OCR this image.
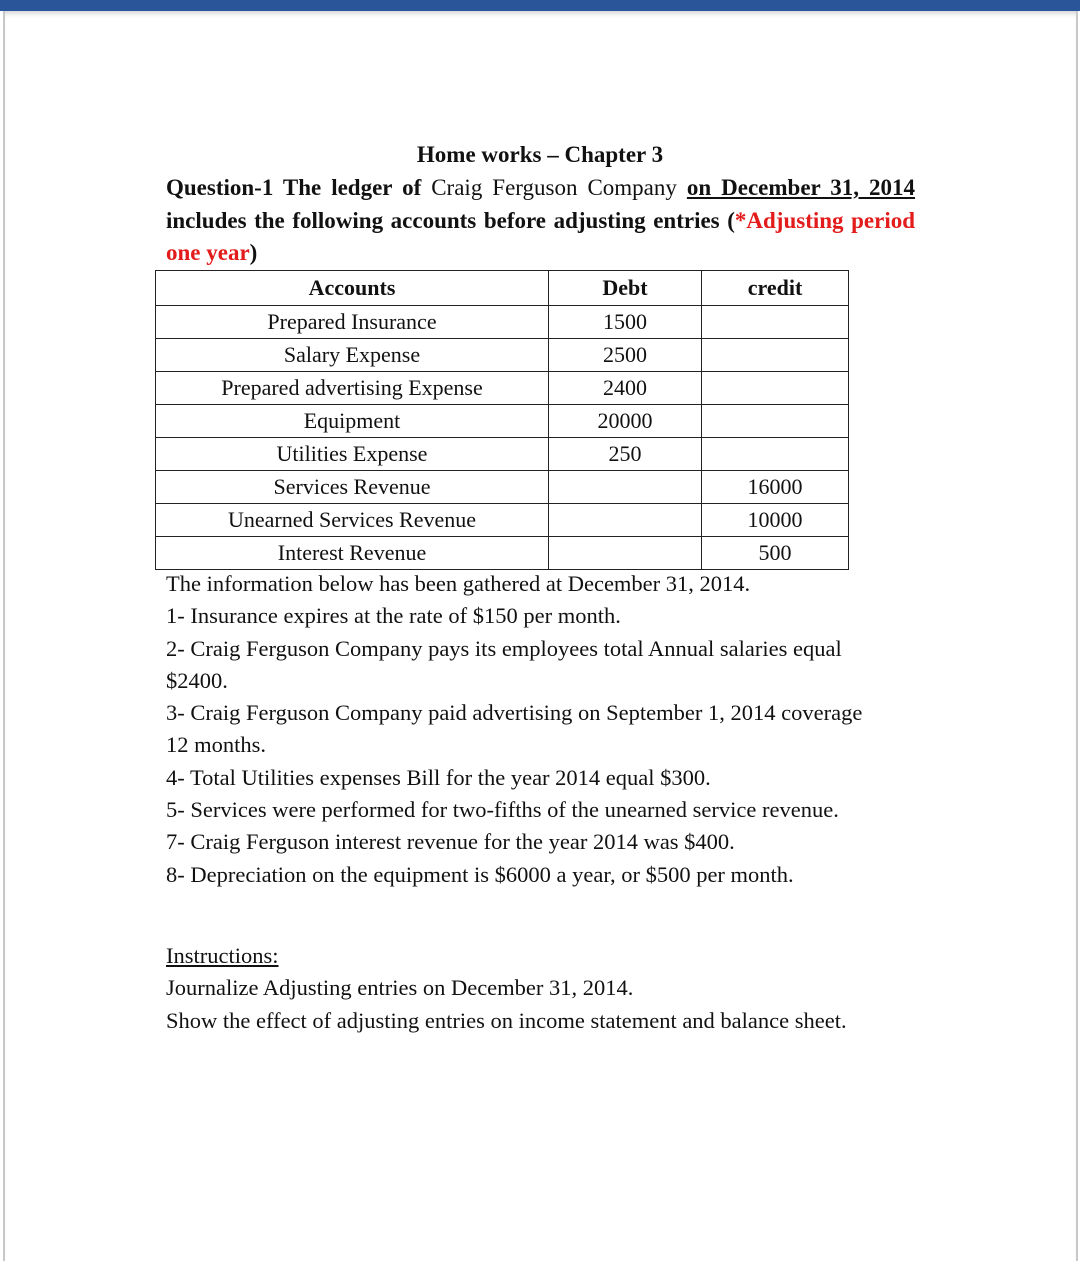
Home works – Chapter 3
Question-1 The ledger of Craig Ferguson Company on December 31, 2014 includes the following accounts before adjusting entries (*Adjusting period one year)
Accounts	Debt	credit
Prepared Insurance	1500	
Salary Expense	2500	
Prepared advertising Expense	2400	
Equipment	20000	
Utilities Expense	250	
Services Revenue		16000
Unearned Services Revenue		10000
Interest Revenue		500

The information below has been gathered at December 31, 2014.

1- Insurance expires at the rate of $150 per month.

2- Craig Ferguson Company pays its employees total Annual salaries equal $2400.

3- Craig Ferguson Company paid advertising on September 1, 2014 coverage 12 months.

4- Total Utilities expenses Bill for the year 2014 equal $300.

5- Services were performed for two-fifths of the unearned service revenue.

7- Craig Ferguson interest revenue for the year 2014 was $400.

8- Depreciation on the equipment is $6000 a year, or $500 per month.

Instructions:

Journalize Adjusting entries on December 31, 2014.

Show the effect of adjusting entries on income statement and balance sheet.
